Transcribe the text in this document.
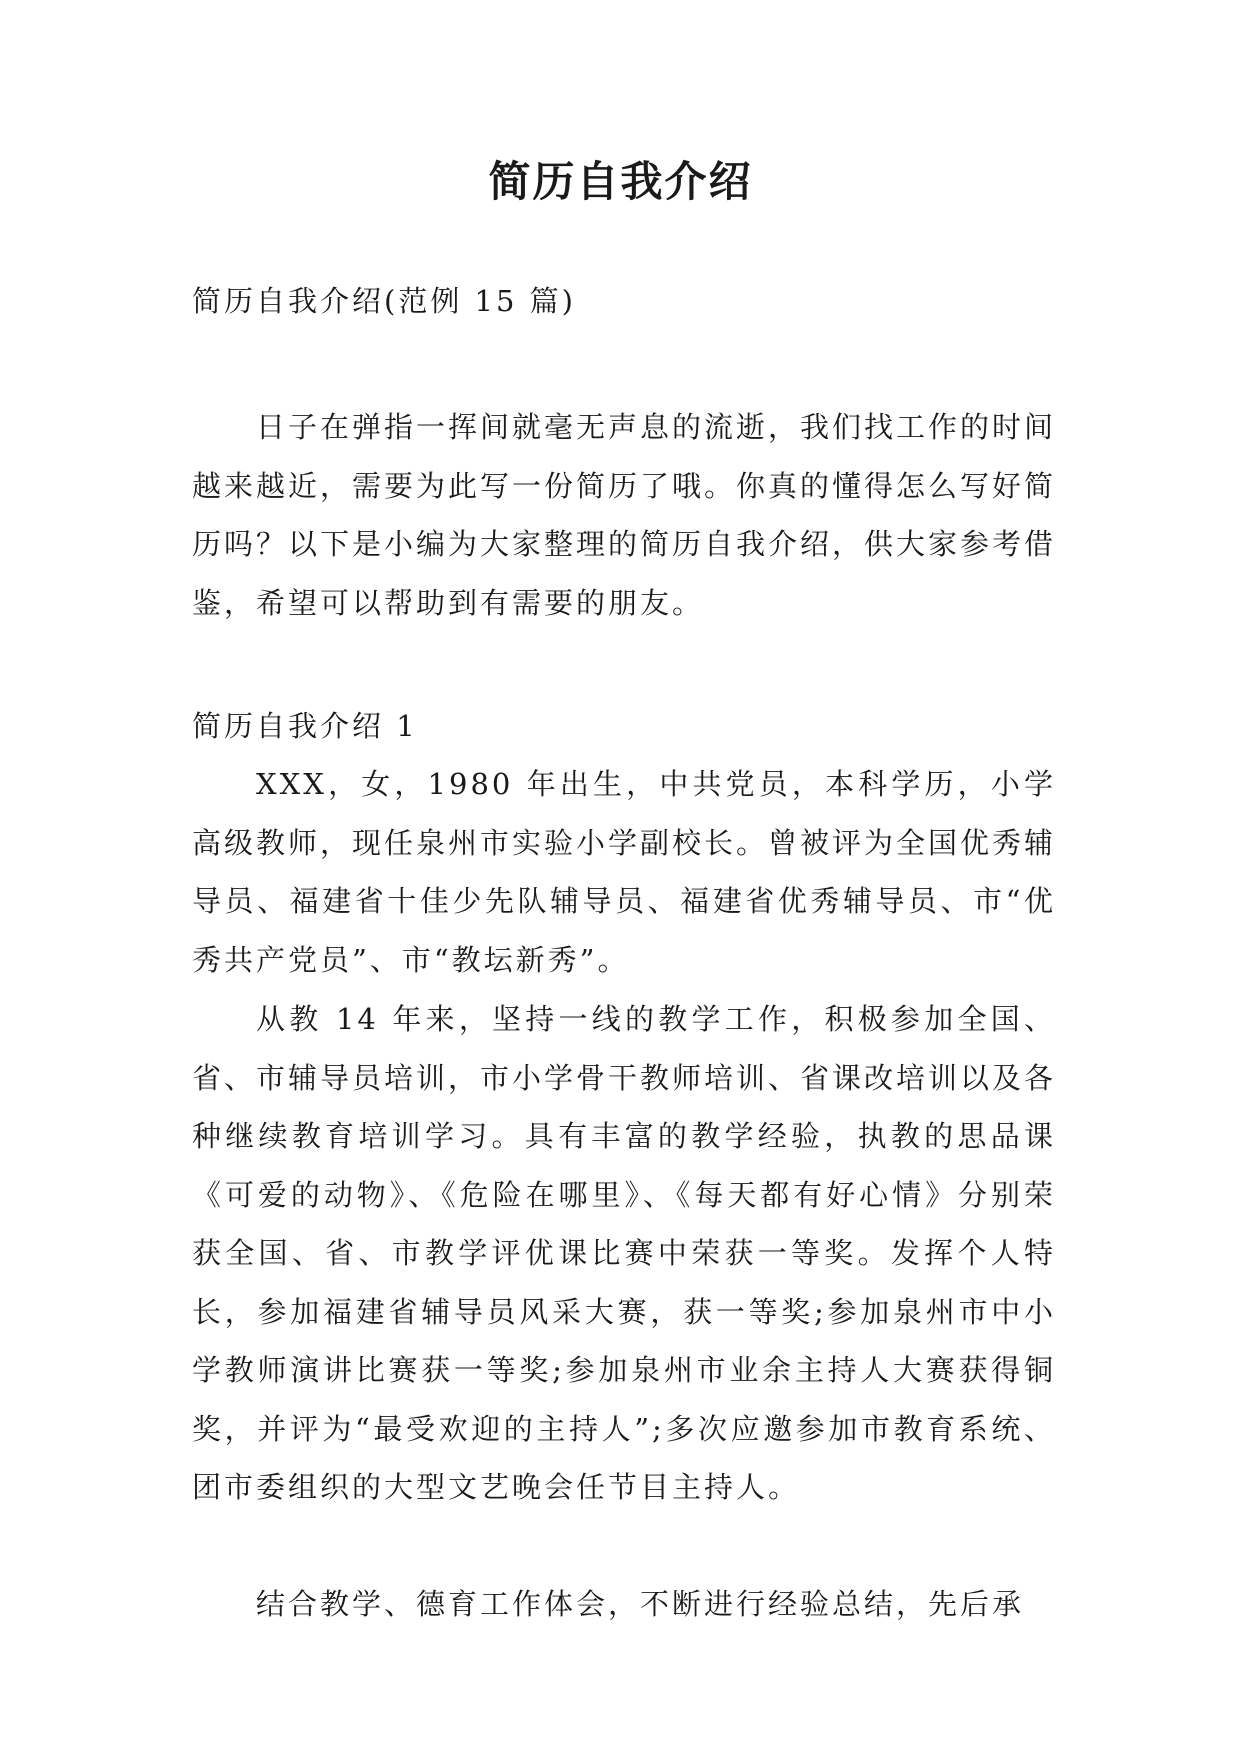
简历自我介绍

简历自我介绍(范例 15 篇)

日子在弹指一挥间就毫无声息的流逝，我们找工作的时间越来越近，需要为此写一份简历了哦。你真的懂得怎么写好简历吗？以下是小编为大家整理的简历自我介绍，供大家参考借鉴，希望可以帮助到有需要的朋友。

简历自我介绍 1

XXX，女，1980 年出生，中共党员，本科学历，小学高级教师，现任泉州市实验小学副校长。曾被评为全国优秀辅导员、福建省十佳少先队辅导员、福建省优秀辅导员、市“优秀共产党员”、市“教坛新秀”。

从教 14 年来，坚持一线的教学工作，积极参加全国、省、市辅导员培训，市小学骨干教师培训、省课改培训以及各种继续教育培训学习。具有丰富的教学经验，执教的思品课《可爱的动物》、《危险在哪里》、《每天都有好心情》分别荣获全国、省、市教学评优课比赛中荣获一等奖。发挥个人特长，参加福建省辅导员风采大赛，获一等奖;参加泉州市中小学教师演讲比赛获一等奖;参加泉州市业余主持人大赛获得铜奖，并评为“最受欢迎的主持人”;多次应邀参加市教育系统、团市委组织的大型文艺晚会任节目主持人。

结合教学、德育工作体会，不断进行经验总结，先后承
